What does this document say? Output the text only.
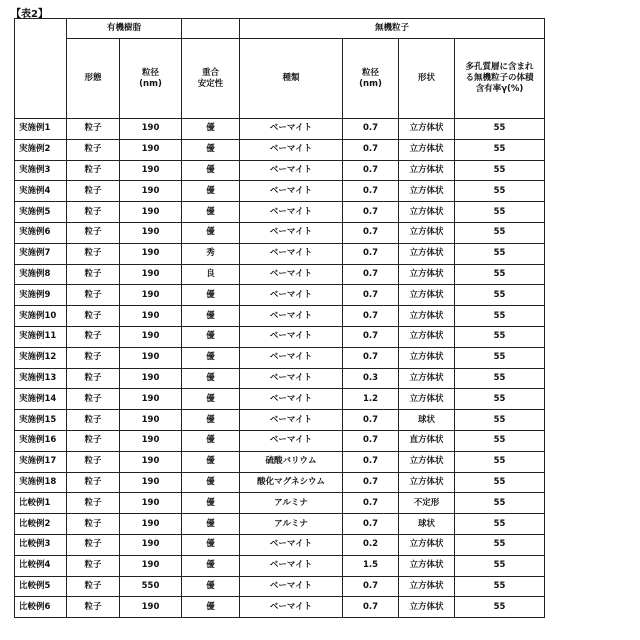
【表2】
	有機樹脂		無機粒子
形態	粒径
(nm)	重合
安定性	種類	粒径
(nm)	形状	多孔質層に含まれ
る無機粒子の体積
含有率γ(%)
実施例1	粒子	190	優	ベーマイト	0.7	立方体状	55
実施例2	粒子	190	優	ベーマイト	0.7	立方体状	55
実施例3	粒子	190	優	ベーマイト	0.7	立方体状	55
実施例4	粒子	190	優	ベーマイト	0.7	立方体状	55
実施例5	粒子	190	優	ベーマイト	0.7	立方体状	55
実施例6	粒子	190	優	ベーマイト	0.7	立方体状	55
実施例7	粒子	190	秀	ベーマイト	0.7	立方体状	55
実施例8	粒子	190	良	ベーマイト	0.7	立方体状	55
実施例9	粒子	190	優	ベーマイト	0.7	立方体状	55
実施例10	粒子	190	優	ベーマイト	0.7	立方体状	55
実施例11	粒子	190	優	ベーマイト	0.7	立方体状	55
実施例12	粒子	190	優	ベーマイト	0.7	立方体状	55
実施例13	粒子	190	優	ベーマイト	0.3	立方体状	55
実施例14	粒子	190	優	ベーマイト	1.2	立方体状	55
実施例15	粒子	190	優	ベーマイト	0.7	球状	55
実施例16	粒子	190	優	ベーマイト	0.7	直方体状	55
実施例17	粒子	190	優	硫酸バリウム	0.7	立方体状	55
実施例18	粒子	190	優	酸化マグネシウム	0.7	立方体状	55
比較例1	粒子	190	優	アルミナ	0.7	不定形	55
比較例2	粒子	190	優	アルミナ	0.7	球状	55
比較例3	粒子	190	優	ベーマイト	0.2	立方体状	55
比較例4	粒子	190	優	ベーマイト	1.5	立方体状	55
比較例5	粒子	550	優	ベーマイト	0.7	立方体状	55
比較例6	粒子	190	優	ベーマイト	0.7	立方体状	55
